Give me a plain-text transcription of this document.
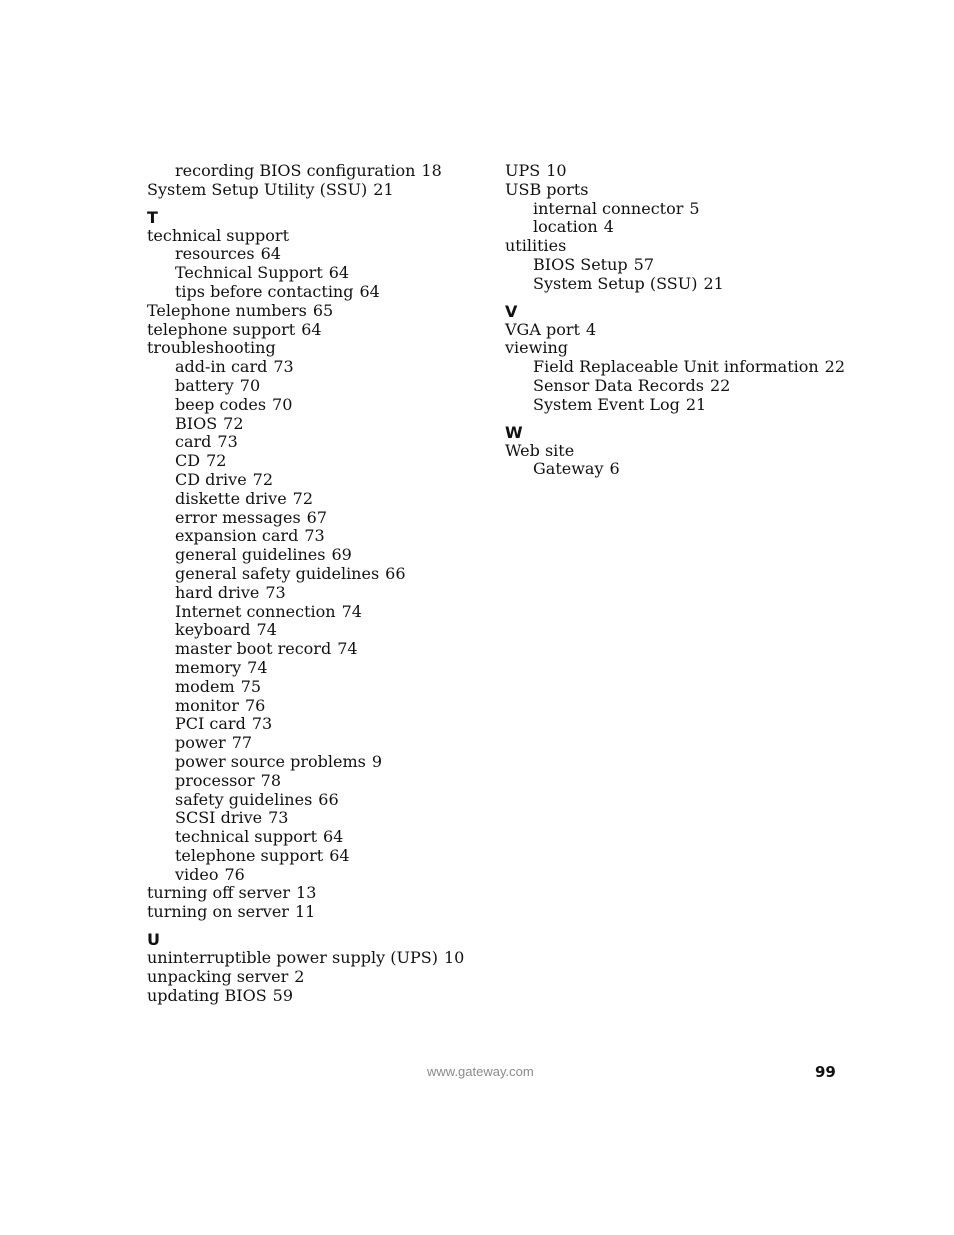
recording BIOS configuration 18
System Setup Utility (SSU) 21
T
technical support
resources 64
Technical Support 64
tips before contacting 64
Telephone numbers 65
telephone support 64
troubleshooting
add-in card 73
battery 70
beep codes 70
BIOS 72
card 73
CD 72
CD drive 72
diskette drive 72
error messages 67
expansion card 73
general guidelines 69
general safety guidelines 66
hard drive 73
Internet connection 74
keyboard 74
master boot record 74
memory 74
modem 75
monitor 76
PCI card 73
power 77
power source problems 9
processor 78
safety guidelines 66
SCSI drive 73
technical support 64
telephone support 64
video 76
turning off server 13
turning on server 11
U
uninterruptible power supply (UPS) 10
unpacking server 2
updating BIOS 59
UPS 10
USB ports
internal connector 5
location 4
utilities
BIOS Setup 57
System Setup (SSU) 21
V
VGA port 4
viewing
Field Replaceable Unit information 22
Sensor Data Records 22
System Event Log 21
W
Web site
Gateway 6
www.gateway.com	99
